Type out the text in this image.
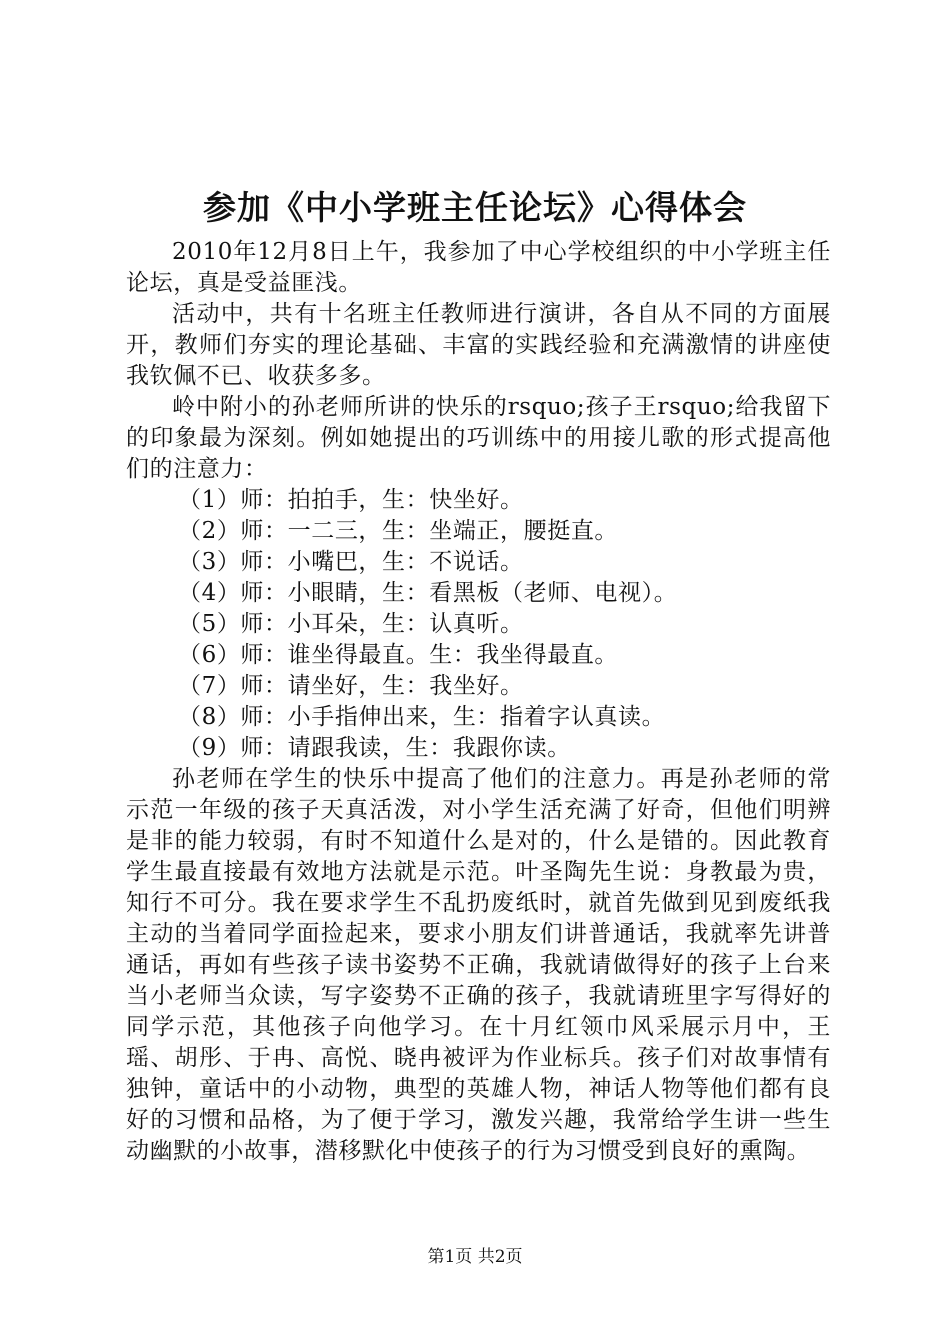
参加《中小学班主任论坛》心得体会

2010年12月8日上午，我参加了中心学校组织的中小学班主任论坛，真是受益匪浅。

活动中，共有十名班主任教师进行演讲，各自从不同的方面展开，教师们夯实的理论基础、丰富的实践经验和充满激情的讲座使我钦佩不已、收获多多。

岭中附小的孙老师所讲的快乐的rsquo;孩子王rsquo;给我留下的印象最为深刻。例如她提出的巧训练中的用接儿歌的形式提高他们的注意力：

（1）师：拍拍手，生：快坐好。

（2）师：一二三，生：坐端正，腰挺直。

（3）师：小嘴巴，生：不说话。

（4）师：小眼睛，生：看黑板（老师、电视）。

（5）师：小耳朵，生：认真听。

（6）师：谁坐得最直。生：我坐得最直。

（7）师：请坐好，生：我坐好。

（8）师：小手指伸出来，生：指着字认真读。

（9）师：请跟我读，生：我跟你读。

孙老师在学生的快乐中提高了他们的注意力。再是孙老师的常示范一年级的孩子天真活泼，对小学生活充满了好奇，但他们明辨是非的能力较弱，有时不知道什么是对的，什么是错的。因此教育学生最直接最有效地方法就是示范。叶圣陶先生说：身教最为贵，知行不可分。我在要求学生不乱扔废纸时，就首先做到见到废纸我主动的当着同学面捡起来，要求小朋友们讲普通话，我就率先讲普通话，再如有些孩子读书姿势不正确，我就请做得好的孩子上台来当小老师当众读，写字姿势不正确的孩子，我就请班里字写得好的同学示范，其他孩子向他学习。在十月红领巾风采展示月中，王瑶、胡彤、于冉、高悦、晓冉被评为作业标兵。孩子们对故事情有独钟，童话中的小动物，典型的英雄人物，神话人物等他们都有良好的习惯和品格，为了便于学习，激发兴趣，我常给学生讲一些生动幽默的小故事，潜移默化中使孩子的行为习惯受到良好的熏陶。

第1页 共2页
